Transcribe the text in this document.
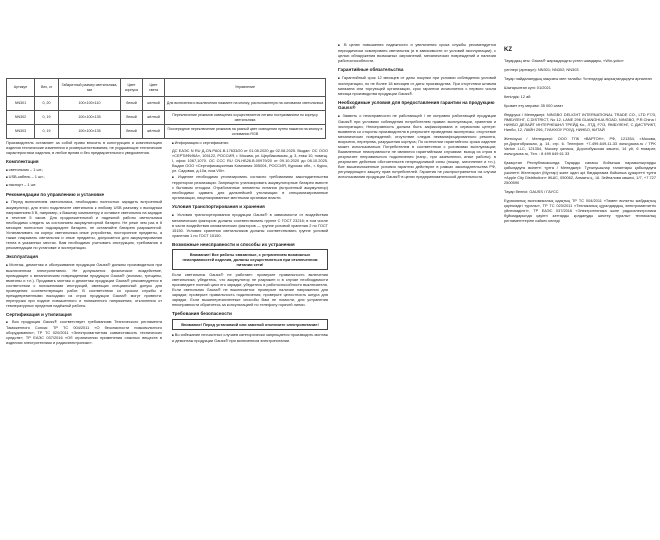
Артикул	Вес, кг	Габаритный размер светильника, мм	Цвет корпуса	Цвет света	Управление
NN301	0, 20	100×100×110	белый	желтый	Для включения и выключения нажмите на кнопку, расположенную на основании светильника
NN302	0, 19	100×100×135	белый	жёлтый	Переключение режимов освещения осуществляется легким постукиванием по корпусу светильника
NN303	0, 19	100×100×135	белый	жёлтый	Поочередное переключение режимов на разный цвет освещения путем нажатия на кнопку в основании RGB

Производитель оставляет за собой право вносить в конструкцию и комплектацию изделия технические изменения и усовершенствования, не ухудшающие технические характеристики изделия, в любое время и без предварительного уведомления.

Комплектация

■ светильник – 1 шт.;

■ USB-кабель – 1 шт.;

■ паспорт – 1 шт.

Рекомендации по управлению и установке

■ Перед включением светильника, необходимо полностью зарядить встроенный аккумулятор, для этого подключите светильник к любому USB разъему с выходным напряжением 5 В, например, к Вашему компьютеру и оставьте светильник на зарядке в течение 5 часов. Для продолжительной и надежной работы светильника необходимо следить за состоянием аккумуляторной батареи. Не реже чем раз в 6 месяцев полностью подзарядите батарею, не оставляйте батарею разряженной. Устанавливать на корпус светильника иные устройства, посторонние предметы, а также накрывать светильник и иные предметы, допускается для аккумулирования тепла в указанных местах. Вам необходимо учитывать инструкцию, требования и рекомендации по установке и эксплуатации.

Эксплуатация

■ Монтаж, демонтаж и обслуживание продукции Gauss® должны производиться при выключенном электропитании. Не допускается физическое воздействие, приводящее к механическим повреждениям продукции Gauss® (изломы, трещины, вмятины и т.п.). Продавать монтаж и демонтаж продукции Gauss® рекомендуется в соответствии с положениями инструкций, имеющих специальный допуск для проведения соответствующих работ. В соответствии со сроком службы и преждевременными выходами из строя продукции Gauss® могут привести: перегрузки при подаче повышенного и пониженного напряжения; отклонения от температурных пределов надёжной работы.

Сертификация и утилизация

■ Вся продукция Gauss® соответствует требованиям Технического регламента Таможенного Союза: ТР ТС 004/2011 «О безопасности низковольтного оборудования»; ТР ТС 020/2011 «Электромагнитная совместимость технических средств»; ТР ЕАЭС 037/2016 «Об ограничении применения опасных веществ в изделиях электротехники и радиоэлектроники».

■ Информация о сертификатах:

ДС ЕАЭС N RU Д-CN.РА01.В.17633/20 от 01.08.2020 до 02.08.2025. Выдан: ОС ООО «СЕРТИФИКА», 105122, РОССИЯ, г. Москва, ул. Щербаковская, д. 3, этаж 10, помещ. I, офис 1067,1070. ОС ССС RU CN.НБ26.В.00979/20 от 09.10.2020 до 08.10.2025. Выдан ООО «Сертификационная Компания 305004, РОССИЯ, Курская обл., г. Курск, ул. Садовая, д.10а, пом.VIII».

■ Изделие необходимо утилизировать согласно требованиям законодательства территории реализации. Запрещено утилизировать аккумуляторные батареи вместе с бытовым отходом. Отработанные элементы питания (встроенный аккумулятор) необходимо сдавать для дальнейшей утилизации в специализированные организации, лицензированные местными органами власти.

Условия транспортирования и хранения

■ Условия транспортирования продукции Gauss® в зависимости от воздействия механических факторов: должны соответствовать группе С ГОСТ 23216; в том числе в части воздействия климатических факторов — группе условий хранения 2 по ГОСТ 15150. Условия хранения светильников должны соответствовать группе условий хранения 1 по ГОСТ 15150.

Возможные неисправности и способы их устранения
Внимание! Все работы связанные, с устранением возможных неисправностей изделия, должны осуществляться при отключенном питании сети!

Если светильник Gauss® не работает: проверьте правильность включения светильника; убедитесь, что аккумулятор не разряжен и в случае необходимости произведите полный цикл его зарядки; убедитесь в работоспособности выключателя. Если светильник Gauss® не выключается: проверьте наличие напряжения для зарядки; проверьте правильность подключения; проверьте целостность шнура для зарядки. Если вышеперечисленные способы Вам не помогли, для устранения неисправности обратитесь за консультацией по телефону горячей линии.

Требования безопасности
Внимание! Перед установкой или заменой отключите электропитание!

■ Во избежание несчастных случаев категорически запрещается производить монтаж и демонтаж продукции Gauss® при включенном электропитании.

■ В целях повышения надежности и увеличения срока службы рекомендуется периодически осматривать светильник (и в зависимости от условий эксплуатации), с целью обнаружения возможных загрязнений, механических повреждений и наличия работоспособности.

Гарантийные обязательства

■ Гарантийный срок 12 месяцев от даты покупки при условии соблюдения условий эксплуатации, но не более 18 месяцев от даты производства. При отсутствии штампа магазина или торгующей организации, срок гарантии исчисляется с первого числа месяца производства продукции Gauss®.

Необходимые условия для предоставления гарантии на продукцию Gauss®

■ Заявить о неисправности не работающей / не исправно работающей продукции Gauss® при условиях соблюдения потребителем правил эксплуатации, хранения и эксплуатации; Неисправность должна быть зафиксирована в сервисном центре: выявлена со стороны производителя в результате проведения экспертизы; отсутствие механических повреждений; отсутствие следов неквалифицированного ремонта, вскрытия, перегрева, разрушения корпуса; По истечении гарантийного срока изделие может использоваться Потребителем в соответствии с условиями эксплуатации; Выявленные неисправности не являются гарантийными случаями: выход из строя в результате неправильного подключения (напр., при заземлении, иные работы); в результате действия обстоятельств непреодолимой силы (пожар, затопление и т.п.). Все вышеизложенные условия гарантии действуют в рамках законодательства РФ, регулирующего защиту прав потребителей. Гарантия не распространяется на случаи использования продукции Gauss® в целях предпринимательской деятельности.

KZ

Тауардың аты: Gauss® жарықдиодты үстел шамдары, «Win-yoko»

үлгілері (артикул): NN301; NN302; NN303

Тауар пайдаланудың мақсаты мен талабы: Үстелдерді жарықтандыруға арналған

Шығарылған күні: 01/2021

Кепілдік: 12 ай

Қызмет ету мерзімі: 35 000 сағат

Өндіруші / Менеджері: NINGBO DELIGHT INTERNATIONAL TRADE CO., LTD F7/3, ЯМБУЛЕНГ, С.DISTRICT, No 12, LANE 296 GUANGHUA ROAD, NINGBO, P.R.China / НИНБО ДЕЛАЙТ ИНТЕРНЕШНЛ ТРЕЙД Ко., ЛТД, F7/3, ЯМБУЛЕНГ, С ДИСТРИКТ, Нинбо, 12, ЛАЙН 296, ГУАНХОУ РОУД, НИНБО, КИТАЙ

Жеткізуші / Менеджері: ООО ТПК «ВАРТОН», РФ, 121354, г.Москва, ул.Дорогобужская, д. 14, стр. 6. Телефон: +7-499-649-11-33 www.gauss.ru / TPK Varton LLC, 121354, Мәскеу қаласы, Дорогобужская көшесі, 14 үй, 6 ғимарат, www.gauss.ru, Тел. : 8 499 649 61 33

Қазақстан Республикасында Тауарды сапасы бойынша наразылықтарды қабылдауға өкілетті тұлға / Менеджері: Тұтынушылар талаптары қабылдауға уәкілетті Желтоқсан (Мұхтар) және одан әрі бағдарлама бойынша құзыретті тұлға «Apple City Distribution» ЖШС, 050062, Алматы қ., Ш. Зейналова көшесі, 1/7, +7 727 2500590

Тауар белгісі: GAUSS / ГАУСС

Еуразиялық экономикалық одақтың ТР ТС 004/2011 «Төмен вольтты жабдықтың қауіпсіздігі туралы», ТР ТС 020/2011 «Техникалық құралдардың электромагниттік үйлесімділігі», ТР ЕАЭС 037/2016 «Электротехника және радиоэлектроника бұйымдарында қауіпті заттарды қолдануды шектеу туралы» техникалық регламенттеріне сәйкес келеді
